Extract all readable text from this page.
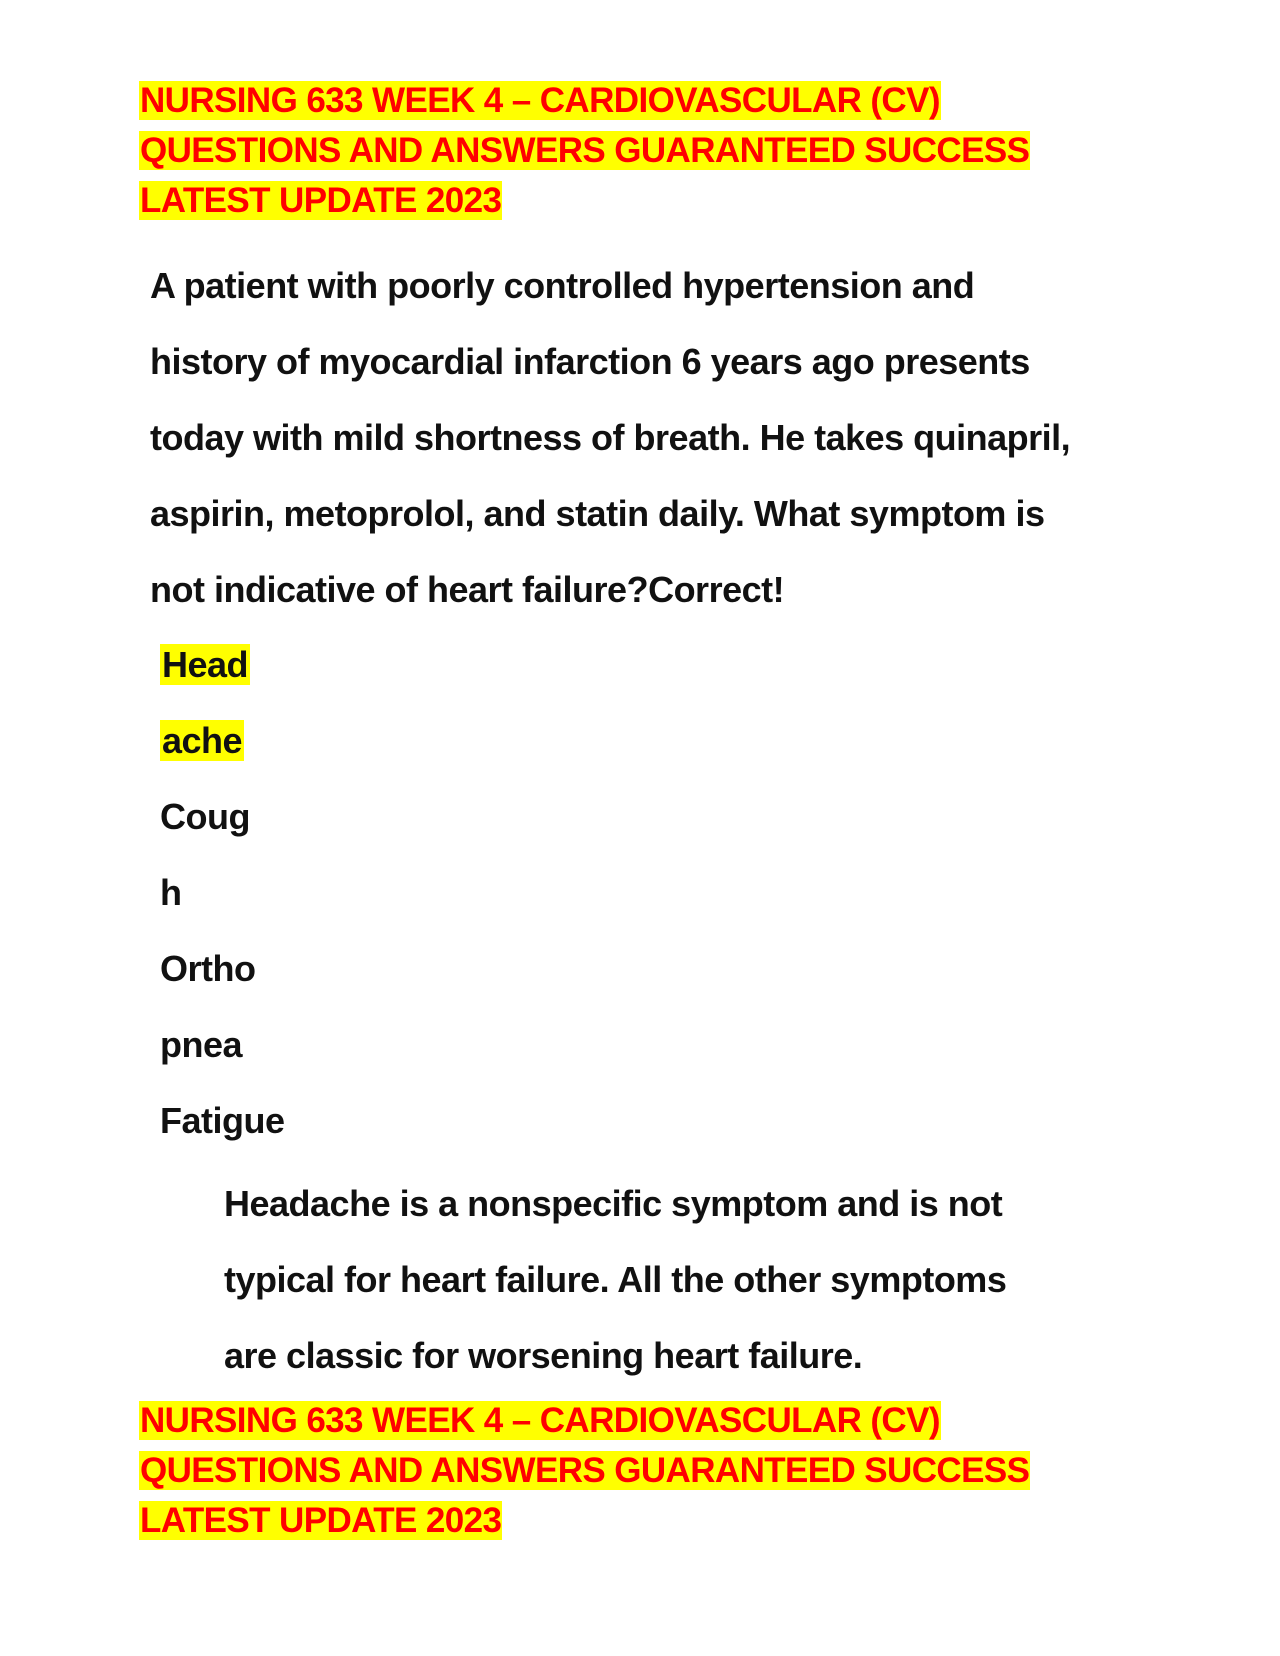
NURSING 633 WEEK 4 – CARDIOVASCULAR (CV)
QUESTIONS AND ANSWERS GUARANTEED SUCCESS
LATEST UPDATE 2023
A patient with poorly controlled hypertension and
history of myocardial infarction 6 years ago presents
today with mild shortness of breath. He takes quinapril,
aspirin, metoprolol, and statin daily. What symptom is
not indicative of heart failure?Correct!
Head
ache
Coug
h
Ortho
pnea
Fatigue
Headache is a nonspecific symptom and is not
typical for heart failure. All the other symptoms
are classic for worsening heart failure.
NURSING 633 WEEK 4 – CARDIOVASCULAR (CV)
QUESTIONS AND ANSWERS GUARANTEED SUCCESS
LATEST UPDATE 2023
